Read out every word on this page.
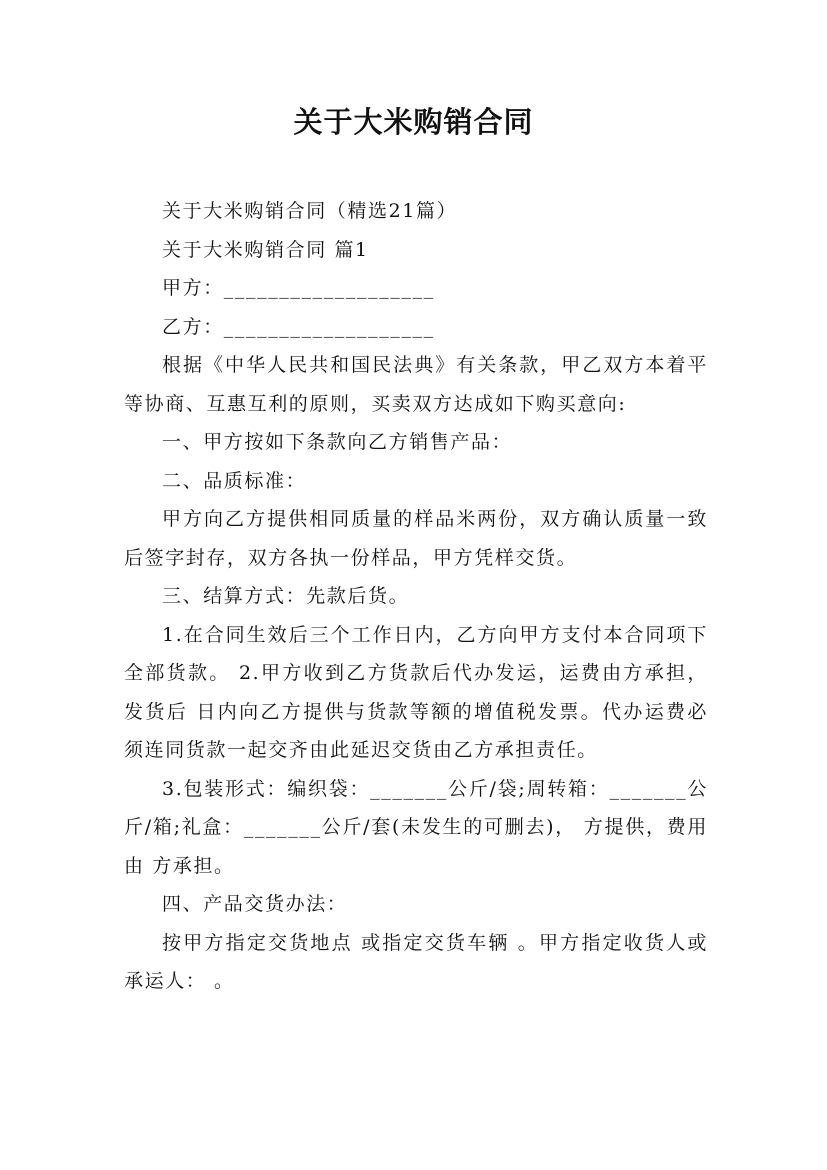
关于大米购销合同

关于大米购销合同（精选21篇）

关于大米购销合同 篇1

甲方：___________________

乙方：___________________

根据《中华人民共和国民法典》有关条款，甲乙双方本着平等协商、互惠互利的原则，买卖双方达成如下购买意向:

一、甲方按如下条款向乙方销售产品：

二、品质标准：

甲方向乙方提供相同质量的样品米两份，双方确认质量一致后签字封存，双方各执一份样品，甲方凭样交货。

三、结算方式：先款后货。

1.在合同生效后三个工作日内，乙方向甲方支付本合同项下全部货款。 2.甲方收到乙方货款后代办发运，运费由方承担，发货后 日内向乙方提供与货款等额的增值税发票。代办运费必须连同货款一起交齐由此延迟交货由乙方承担责任。

3.包装形式：编织袋：_______公斤/袋;周转箱：_______公斤/箱;礼盒：_______公斤/套(未发生的可删去)， 方提供，费用由 方承担。

四、产品交货办法：

按甲方指定交货地点 或指定交货车辆 。甲方指定收货人或承运人： 。
